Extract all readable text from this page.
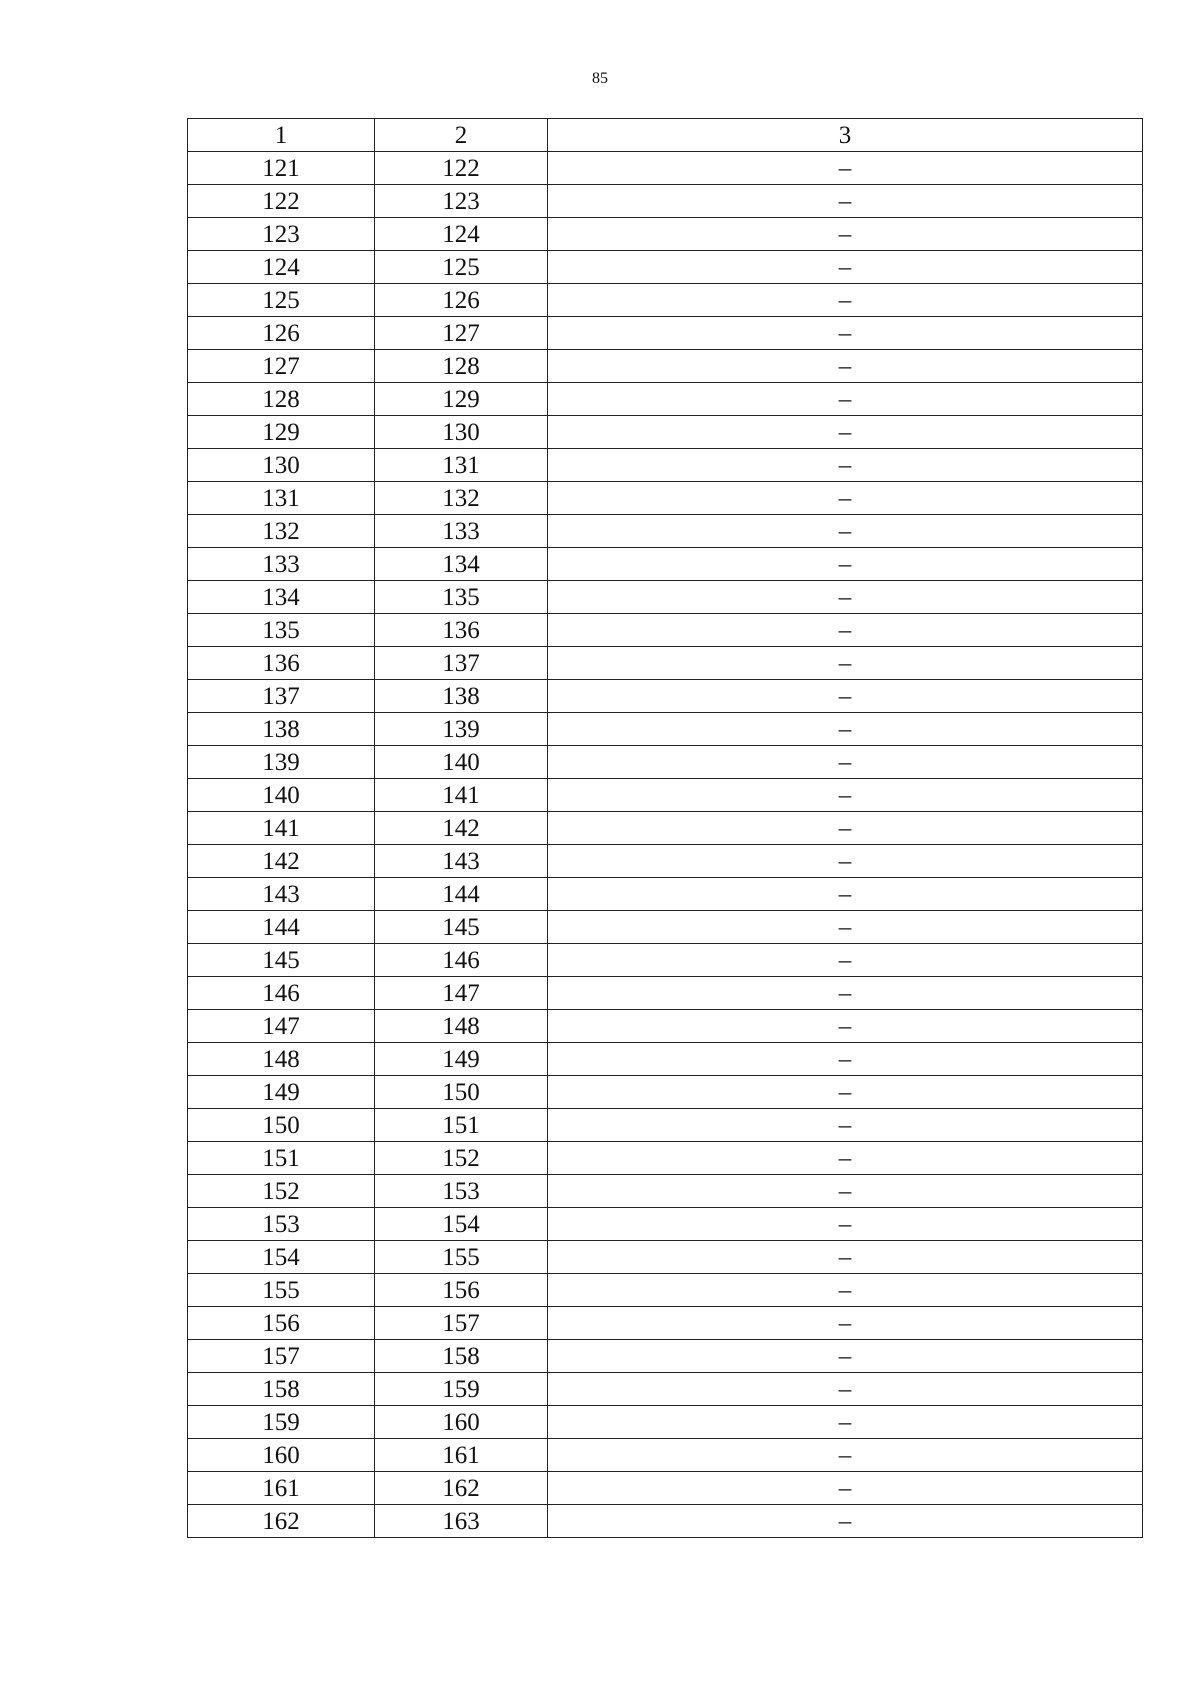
85
1	2	3
121	122	–
122	123	–
123	124	–
124	125	–
125	126	–
126	127	–
127	128	–
128	129	–
129	130	–
130	131	–
131	132	–
132	133	–
133	134	–
134	135	–
135	136	–
136	137	–
137	138	–
138	139	–
139	140	–
140	141	–
141	142	–
142	143	–
143	144	–
144	145	–
145	146	–
146	147	–
147	148	–
148	149	–
149	150	–
150	151	–
151	152	–
152	153	–
153	154	–
154	155	–
155	156	–
156	157	–
157	158	–
158	159	–
159	160	–
160	161	–
161	162	–
162	163	–
